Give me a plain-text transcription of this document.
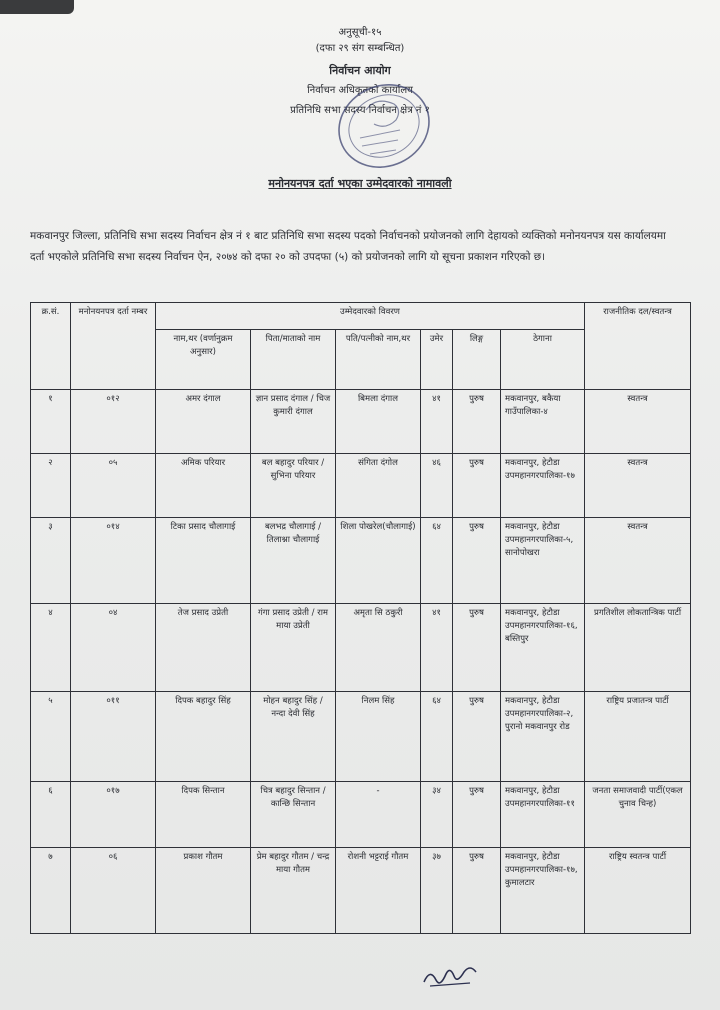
अनुसूची-१५
(दफा २९ संग सम्बन्धित)
निर्वाचन आयोग
निर्वाचन अधिकृतको कार्यालय
प्रतिनिधि सभा सदस्य निर्वाचन क्षेत्र नं १
मनोनयनपत्र दर्ता भएका उम्मेदवारको नामावली
मकवानपुर जिल्ला, प्रतिनिधि सभा सदस्य निर्वाचन क्षेत्र नं १ बाट प्रतिनिधि सभा सदस्य पदको निर्वाचनको प्रयोजनको लागि देहायको व्यक्तिको मनोनयनपत्र यस कार्यालयमा दर्ता भएकोले प्रतिनिधि सभा सदस्य निर्वाचन ऐन, २०७४ को दफा २० को उपदफा (५) को प्रयोजनको लागि यो सूचना प्रकाशन गरिएको छ।
क्र.सं.	मनोनयनपत्र दर्ता नम्बर	उम्मेदवारको विवरण						राजनीतिक दल/स्वतन्त्र
		नाम,थर (वर्णानुक्रम अनुसार)	पिता/माताको नाम	पति/पत्नीको नाम,थर	उमेर	लिङ्ग	ठेगाना	
१	०१२	अमर दंगाल	ज्ञान प्रसाद दंगाल / चिज कुमारी दंगाल	बिमला दंगाल	४१	पुरुष	मकवानपुर, बकैया गाउँपालिका-४	स्वतन्त्र
२	०५	अमिक परियार	बल बहादुर परियार / सुभिना परियार	संगिता दंगोल	४६	पुरुष	मकवानपुर, हेटौडा उपमहानगरपालिका-१७	स्वतन्त्र
३	०१४	टिका प्रसाद चौलागाई	बलभद्र चौलागाई / तिलाश्ना चौलागाई	शिला पोखरेल(चौलागाई)	६४	पुरुष	मकवानपुर, हेटौडा उपमहानगरपालिका-५, सानोपोखरा	स्वतन्त्र
४	०४	तेज प्रसाद उप्रेती	गंगा प्रसाद उप्रेती / राम माया उप्रेती	अमृता सि ठकुरी	४१	पुरुष	मकवानपुर, हेटौडा उपमहानगरपालिका-१६, बस्तिपुर	प्रगतिशील लोकतान्त्रिक पार्टी
५	०११	दिपक बहादुर सिंह	मोहन बहादुर सिंह / नन्दा देवी सिंह	निलम सिंह	६४	पुरुष	मकवानपुर, हेटौडा उपमहानगरपालिका-२, पुरानो मकवानपुर रोड	राष्ट्रिय प्रजातन्त्र पार्टी
६	०१७	दिपक सिन्तान	चित्र बहादुर सिन्तान / कान्छि सिन्तान	-	३४	पुरुष	मकवानपुर, हेटौडा उपमहानगरपालिका-११	जनता समाजवादी पार्टी(एकल चुनाव चिन्ह)
७	०६	प्रकाश गौतम	प्रेम बहादुर गौतम / चन्द्र माया गौतम	रोशनी भट्टराई गौतम	३७	पुरुष	मकवानपुर, हेटौडा उपमहानगरपालिका-१७, कुमालटार	राष्ट्रिय स्वतन्त्र पार्टी
